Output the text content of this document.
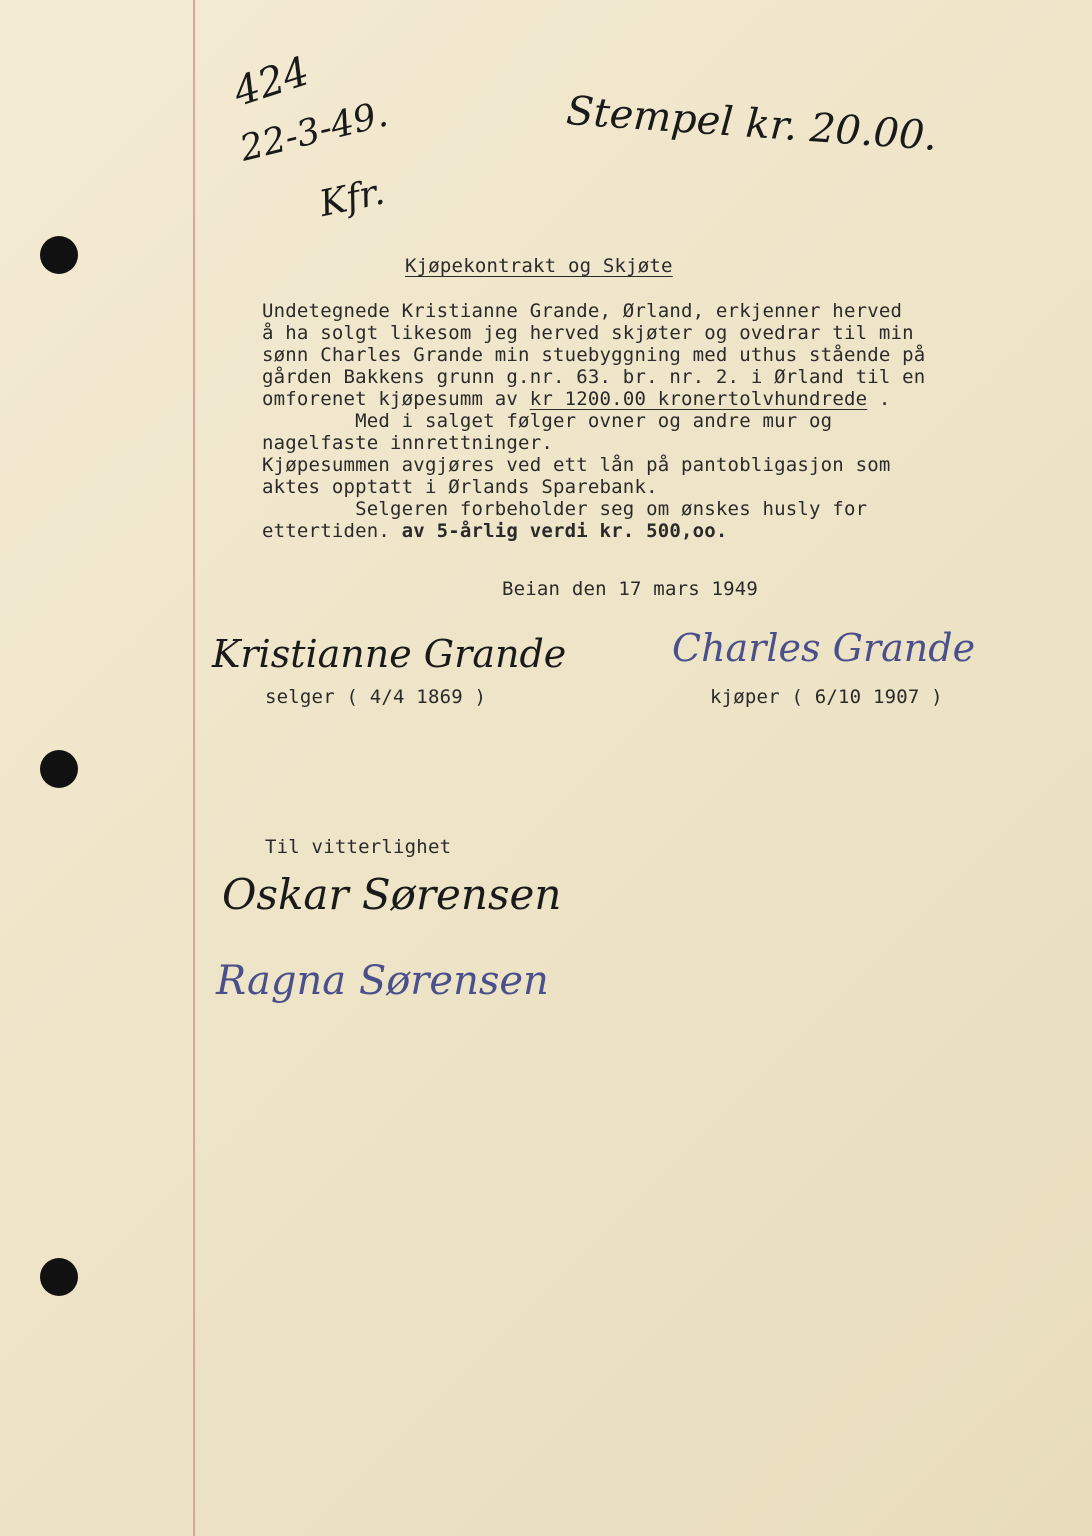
424
22-3-49.
Kfr.
Stempel kr. 20.00.
Kjøpekontrakt og Skjøte
Undetegnede Kristianne Grande, Ørland, erkjenner herved
å ha solgt likesom jeg herved skjøter og ovedrar til min
sønn Charles Grande min stuebyggning med uthus stående på
gården Bakkens grunn g.nr. 63. br. nr. 2. i Ørland til en
omforenet kjøpesumm av kr 1200.00 kronertolvhundrede .
Med i salget følger ovner og andre mur og
nagelfaste innrettninger.
Kjøpesummen avgjøres ved ett lån på pantobligasjon som
aktes opptatt i Ørlands Sparebank.
Selgeren forbeholder seg om ønskes husly for
ettertiden. av 5-årlig verdi kr. 500,oo.
Beian den 17 mars 1949
Kristianne Grande
selger ( 4/4 1869 )
Charles Grande
kjøper ( 6/10 1907 )
Til vitterlighet
Oskar Sørensen
Ragna Sørensen
